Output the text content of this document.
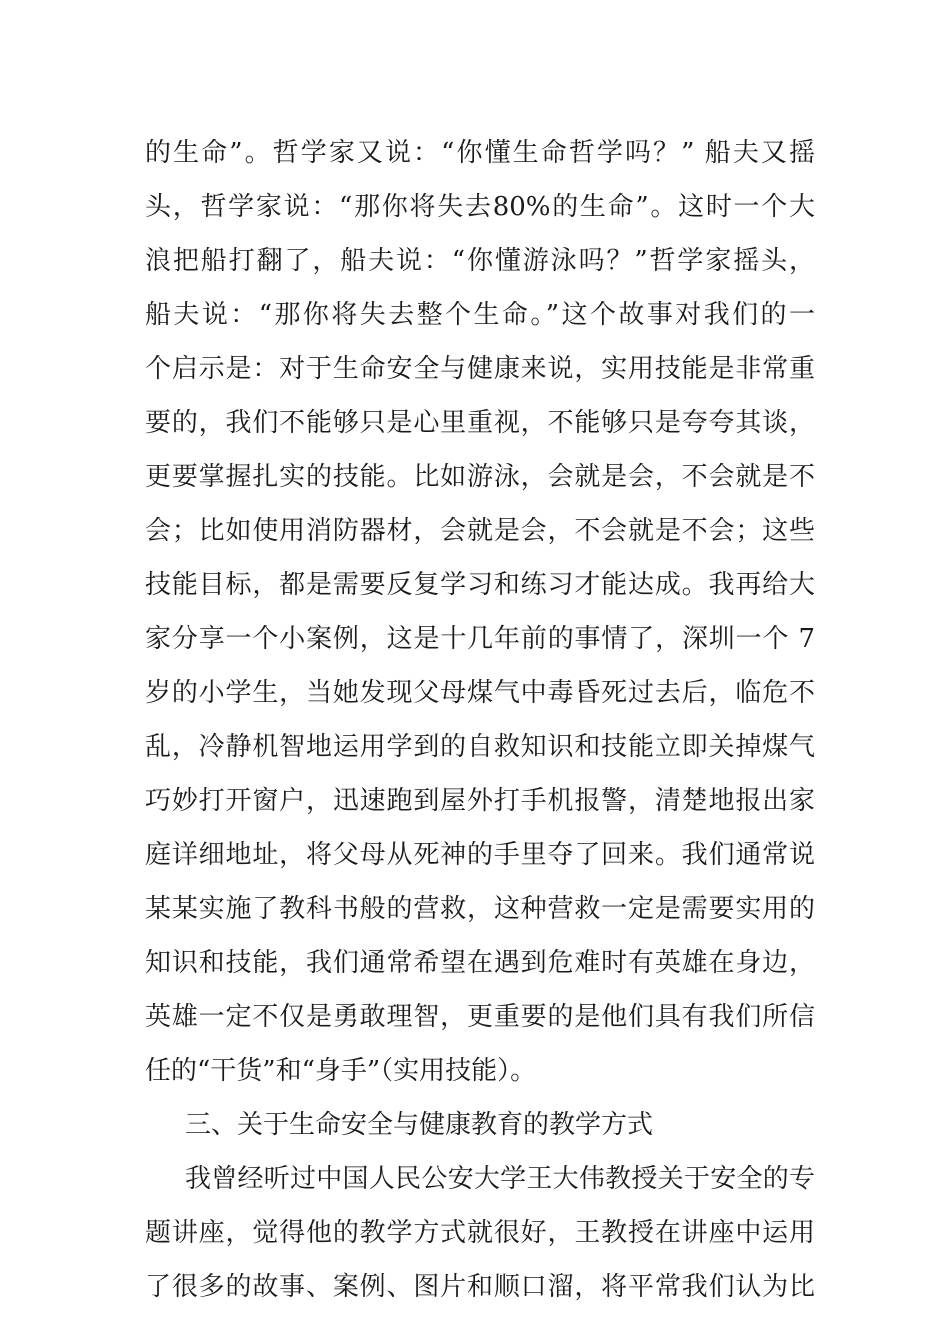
的生命”。哲学家又说：“你懂生命哲学吗？” 船夫又摇
头，哲学家说：“那你将失去80%的生命”。这时一个大
浪把船打翻了，船夫说：“你懂游泳吗？”哲学家摇头，
船夫说：“那你将失去整个生命。”这个故事对我们的一
个启示是：对于生命安全与健康来说，实用技能是非常重
要的，我们不能够只是心里重视，不能够只是夸夸其谈，
更要掌握扎实的技能。比如游泳，会就是会，不会就是不
会；比如使用消防器材，会就是会，不会就是不会；这些
技能目标，都是需要反复学习和练习才能达成。我再给大
家分享一个小案例，这是十几年前的事情了，深圳一个 7
岁的小学生，当她发现父母煤气中毒昏死过去后，临危不
乱，冷静机智地运用学到的自救知识和技能立即关掉煤气
巧妙打开窗户，迅速跑到屋外打手机报警，清楚地报出家
庭详细地址，将父母从死神的手里夺了回来。我们通常说
某某实施了教科书般的营救，这种营救一定是需要实用的
知识和技能，我们通常希望在遇到危难时有英雄在身边，
英雄一定不仅是勇敢理智，更重要的是他们具有我们所信
任的“干货”和“身手”（实用技能）。
三、关于生命安全与健康教育的教学方式
我曾经听过中国人民公安大学王大伟教授关于安全的专
题讲座，觉得他的教学方式就很好，王教授在讲座中运用
了很多的故事、案例、图片和顺口溜，将平常我们认为比
